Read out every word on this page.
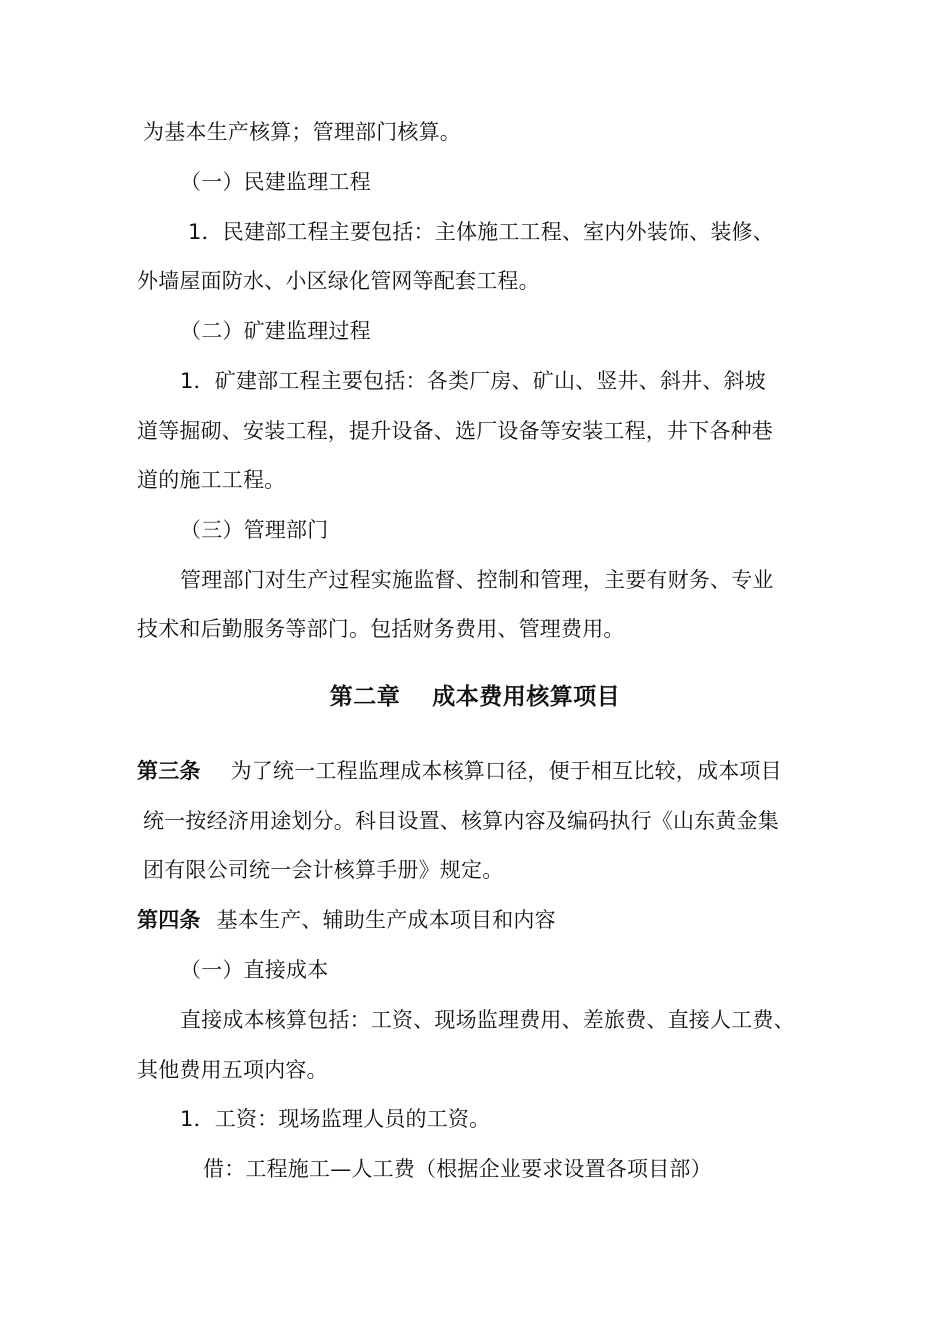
为基本生产核算；管理部门核算。
（一）民建监理工程
1．民建部工程主要包括：主体施工工程、室内外装饰、装修、
外墙屋面防水、小区绿化管网等配套工程。
（二）矿建监理过程
1．矿建部工程主要包括：各类厂房、矿山、竖井、斜井、斜坡
道等掘砌、安装工程，提升设备、选厂设备等安装工程，井下各种巷
道的施工工程。
（三）管理部门
管理部门对生产过程实施监督、控制和管理，主要有财务、专业
技术和后勤服务等部门。包括财务费用、管理费用。
第二章　 成本费用核算项目
第三条 为了统一工程监理成本核算口径，便于相互比较，成本项目
统一按经济用途划分。科目设置、核算内容及编码执行《山东黄金集
团有限公司统一会计核算手册》规定。
第四条 基本生产、辅助生产成本项目和内容
（一）直接成本
直接成本核算包括：工资、现场监理费用、差旅费、直接人工费、
其他费用五项内容。
1．工资：现场监理人员的工资。
借：工程施工—人工费（根据企业要求设置各项目部）
